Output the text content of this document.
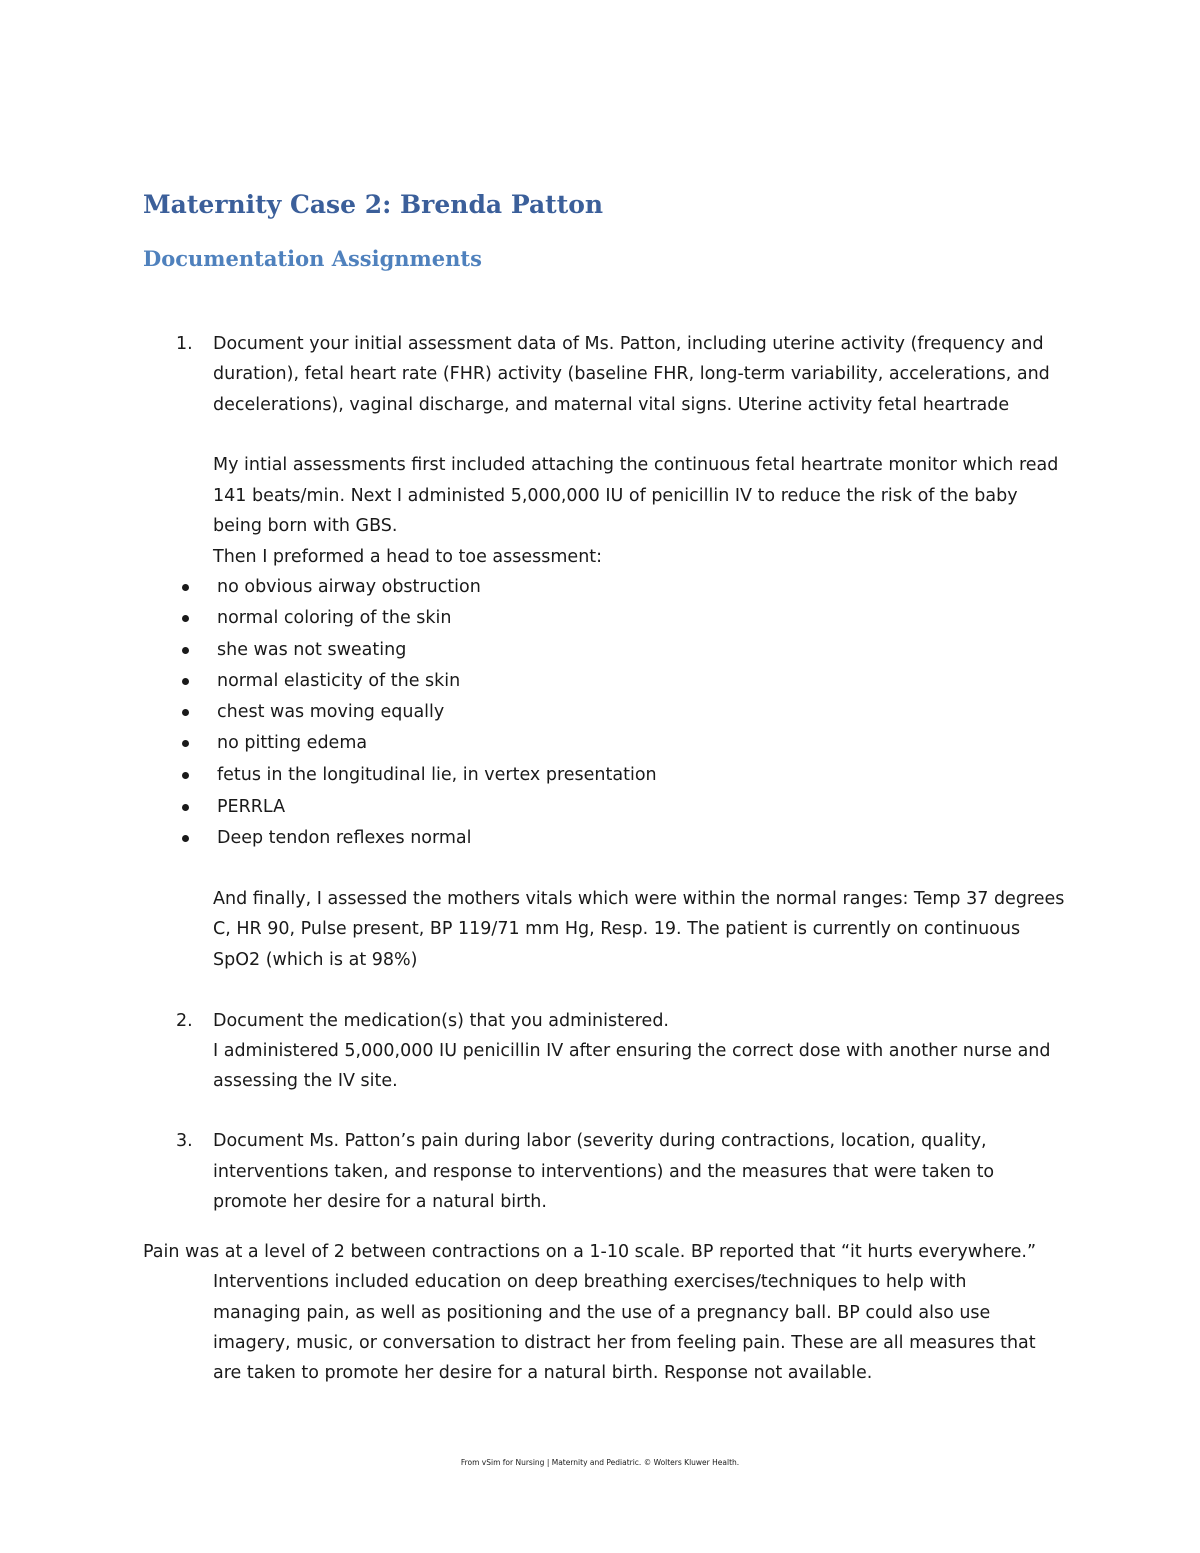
Maternity Case 2: Brenda Patton
Documentation Assignments
1. Document your initial assessment data of Ms. Patton, including uterine activity (frequency and
duration), fetal heart rate (FHR) activity (baseline FHR, long-term variability, accelerations, and
decelerations), vaginal discharge, and maternal vital signs. Uterine activity fetal heartrade
My intial assessments first included attaching the continuous fetal heartrate monitor which read
141 beats/min. Next I administed 5,000,000 IU of penicillin IV to reduce the risk of the baby
being born with GBS.
Then I preformed a head to toe assessment:
no obvious airway obstruction
normal coloring of the skin
she was not sweating
normal elasticity of the skin
chest was moving equally
no pitting edema
fetus in the longitudinal lie, in vertex presentation
PERRLA
Deep tendon reflexes normal
And finally, I assessed the mothers vitals which were within the normal ranges: Temp 37 degrees
C, HR 90, Pulse present, BP 119/71 mm Hg, Resp. 19. The patient is currently on continuous
SpO2 (which is at 98%)
2. Document the medication(s) that you administered.
I administered 5,000,000 IU penicillin IV after ensuring the correct dose with another nurse and
assessing the IV site.
3. Document Ms. Patton’s pain during labor (severity during contractions, location, quality,
interventions taken, and response to interventions) and the measures that were taken to
promote her desire for a natural birth.
Pain was at a level of 2 between contractions on a 1-10 scale. BP reported that “it hurts everywhere.”
Interventions included education on deep breathing exercises/techniques to help with
managing pain, as well as positioning and the use of a pregnancy ball. BP could also use
imagery, music, or conversation to distract her from feeling pain. These are all measures that
are taken to promote her desire for a natural birth. Response not available.
From vSim for Nursing | Maternity and Pediatric. © Wolters Kluwer Health.
